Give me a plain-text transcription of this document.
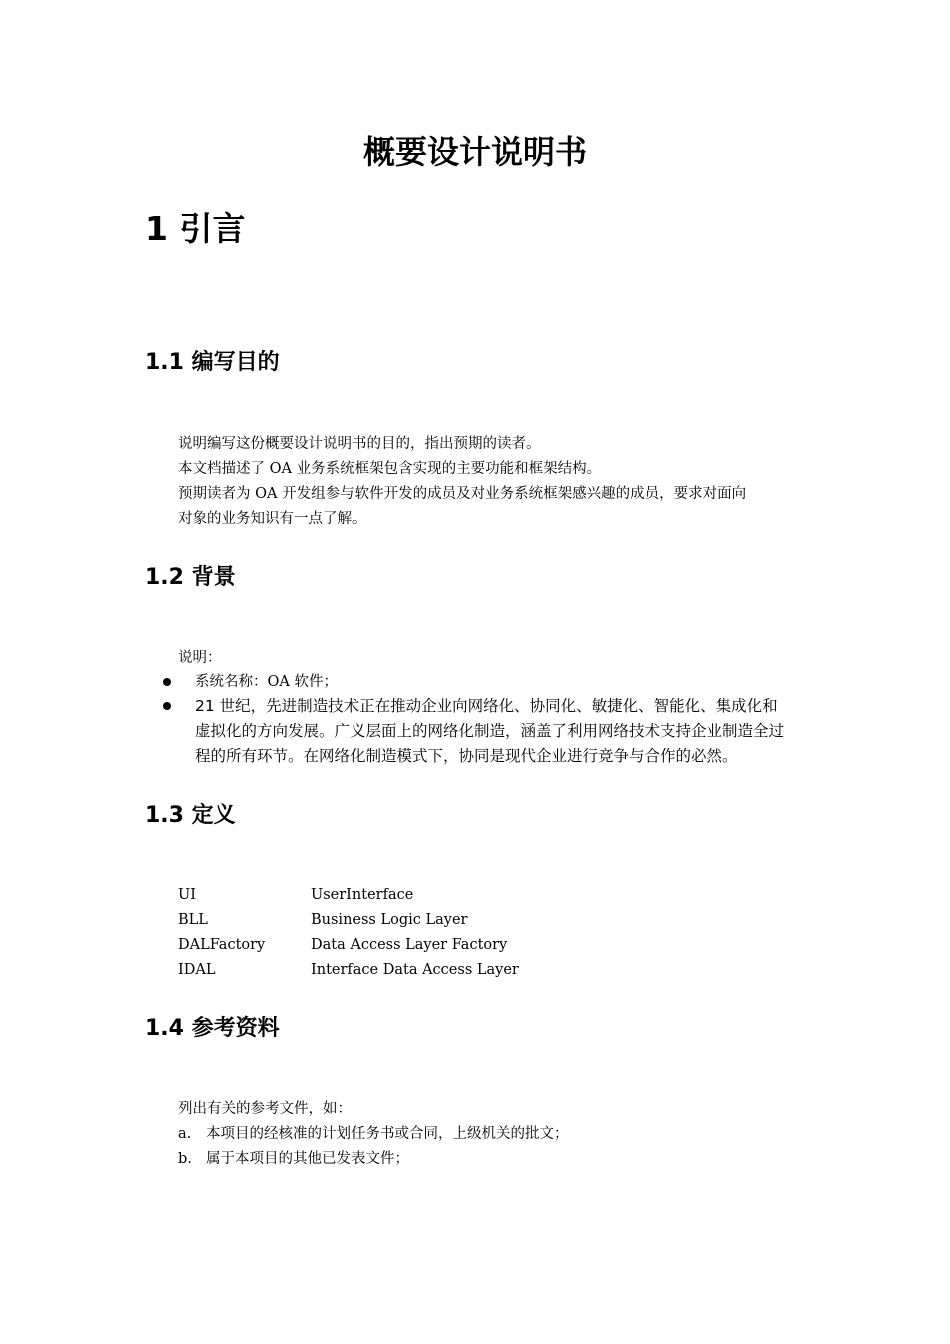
概要设计说明书
1 引言
1.1 编写目的
说明编写这份概要设计说明书的目的，指出预期的读者。
本文档描述了 OA 业务系统框架包含实现的主要功能和框架结构。
预期读者为 OA 开发组参与软件开发的成员及对业务系统框架感兴趣的成员，要求对面向
对象的业务知识有一点了解。
1.2 背景
说明：
系统名称：OA 软件；
21 世纪，先进制造技术正在推动企业向网络化、协同化、敏捷化、智能化、集成化和
虚拟化的方向发展。广义层面上的网络化制造，涵盖了利用网络技术支持企业制造全过
程的所有环节。在网络化制造模式下，协同是现代企业进行竞争与合作的必然。
1.3 定义
UI	UserInterface
BLL	Business Logic Layer
DALFactory	Data Access Layer Factory
IDAL	Interface Data Access Layer
1.4 参考资料
列出有关的参考文件，如：
a. 本项目的经核准的计划任务书或合同，上级机关的批文；
b. 属于本项目的其他已发表文件；
